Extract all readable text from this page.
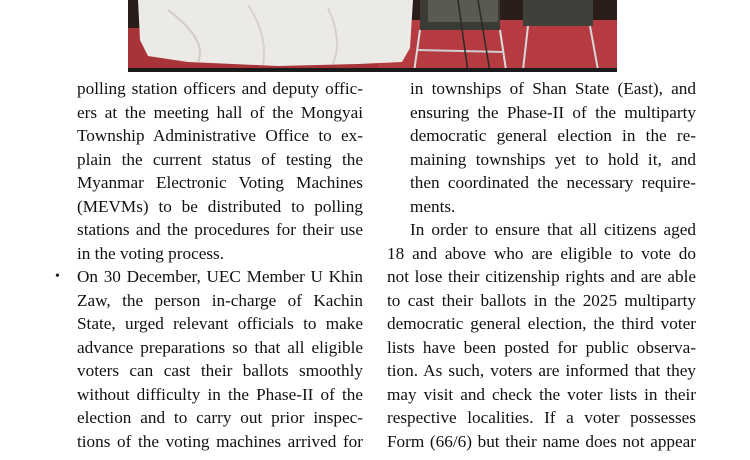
polling station officers and deputy offic-
ers at the meeting hall of the Mongyai
Township Administrative Office to ex-
plain the current status of testing the
Myanmar Electronic Voting Machines
(MEVMs) to be distributed to polling
stations and the procedures for their use
in the voting process.

• On 30 December, UEC Member U Khin
Zaw, the person in-charge of Kachin
State, urged relevant officials to make
advance preparations so that all eligible
voters can cast their ballots smoothly
without difficulty in the Phase-II of the
election and to carry out prior inspec-
tions of the voting machines arrived for

in townships of Shan State (East), and
ensuring the Phase-II of the multiparty
democratic general election in the re-
maining townships yet to hold it, and
then coordinated the necessary require-
ments.

In order to ensure that all citizens aged
18 and above who are eligible to vote do
not lose their citizenship rights and are able
to cast their ballots in the 2025 multiparty
democratic general election, the third voter
lists have been posted for public observa-
tion. As such, voters are informed that they
may visit and check the voter lists in their
respective localities. If a voter possesses
Form (66/6) but their name does not appear
